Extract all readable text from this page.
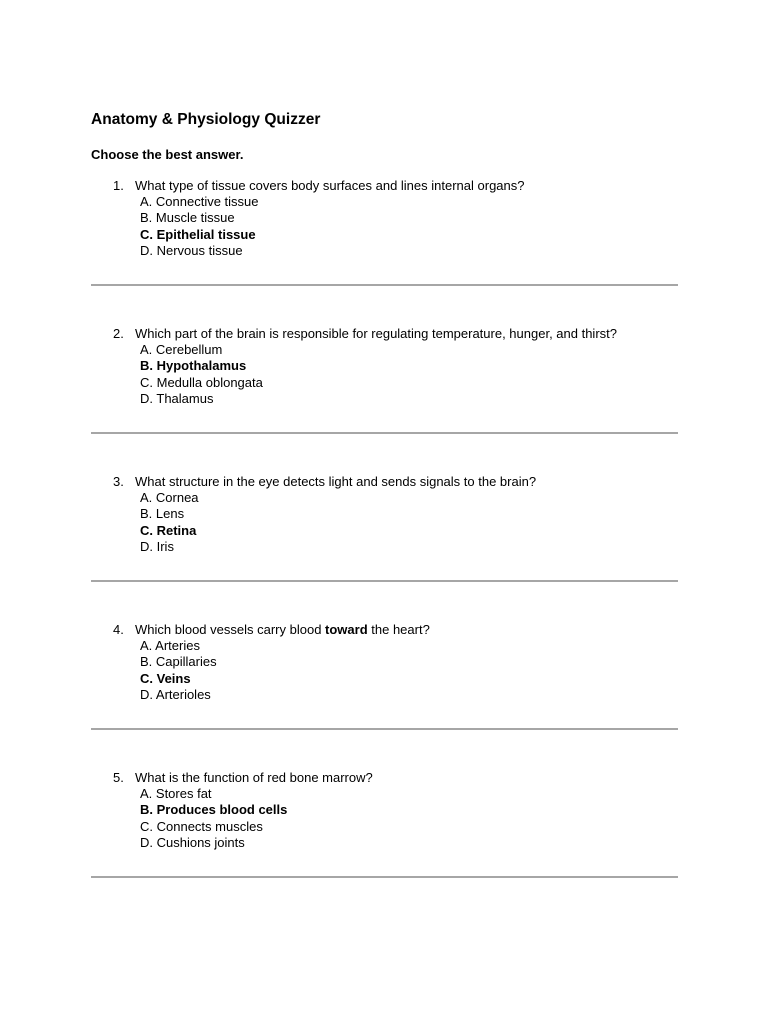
Anatomy & Physiology Quizzer

Choose the best answer.

1. What type of tissue covers body surfaces and lines internal organs?
A. Connective tissue
B. Muscle tissue
C. Epithelial tissue
D. Nervous tissue
2. Which part of the brain is responsible for regulating temperature, hunger, and thirst?
A. Cerebellum
B. Hypothalamus
C. Medulla oblongata
D. Thalamus
3. What structure in the eye detects light and sends signals to the brain?
A. Cornea
B. Lens
C. Retina
D. Iris
4. Which blood vessels carry blood toward the heart?
A. Arteries
B. Capillaries
C. Veins
D. Arterioles
5. What is the function of red bone marrow?
A. Stores fat
B. Produces blood cells
C. Connects muscles
D. Cushions joints
